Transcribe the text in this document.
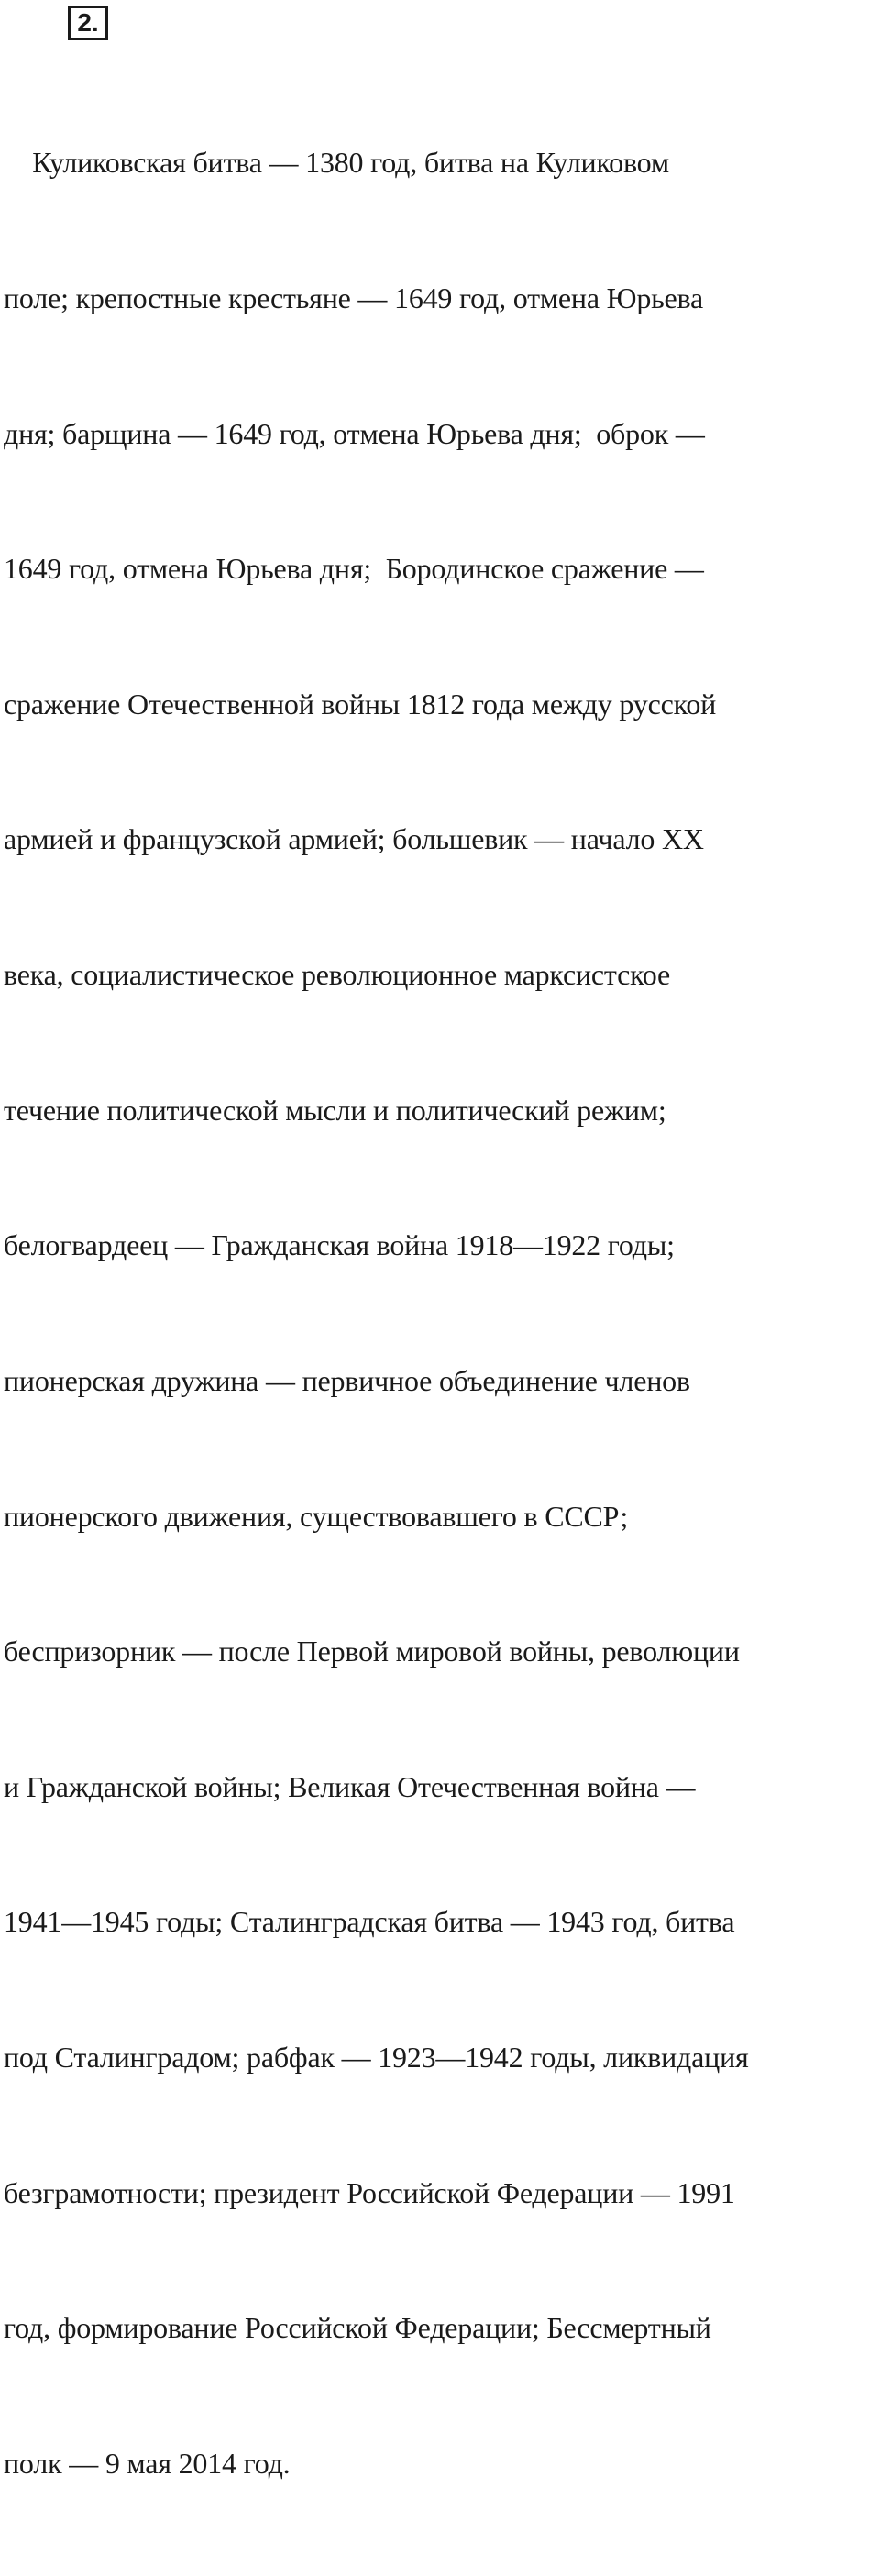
2.

Куликовская битва — 1380 год, битва на Куликовом

поле; крепостные крестьяне — 1649 год, отмена Юрьева

дня; барщина — 1649 год, отмена Юрьева дня;  оброк —

1649 год, отмена Юрьева дня;  Бородинское сражение —

сражение Отечественной войны 1812 года между русской

армией и французской армией; большевик — начало XX

века, социалистическое революционное марксистское

течение политической мысли и политический режим;

белогвардеец — Гражданская война 1918—1922 годы;

пионерская дружина — первичное объединение членов

пионерского движения, существовавшего в СССР;

беспризорник — после Первой мировой войны, революции

и Гражданской войны; Великая Отечественная война —

1941—1945 годы; Сталинградская битва — 1943 год, битва

под Сталинградом; рабфак — 1923—1942 годы, ликвидация

безграмотности; президент Российской Федерации — 1991

год, формирование Российской Федерации; Бессмертный

полк — 9 мая 2014 год.
